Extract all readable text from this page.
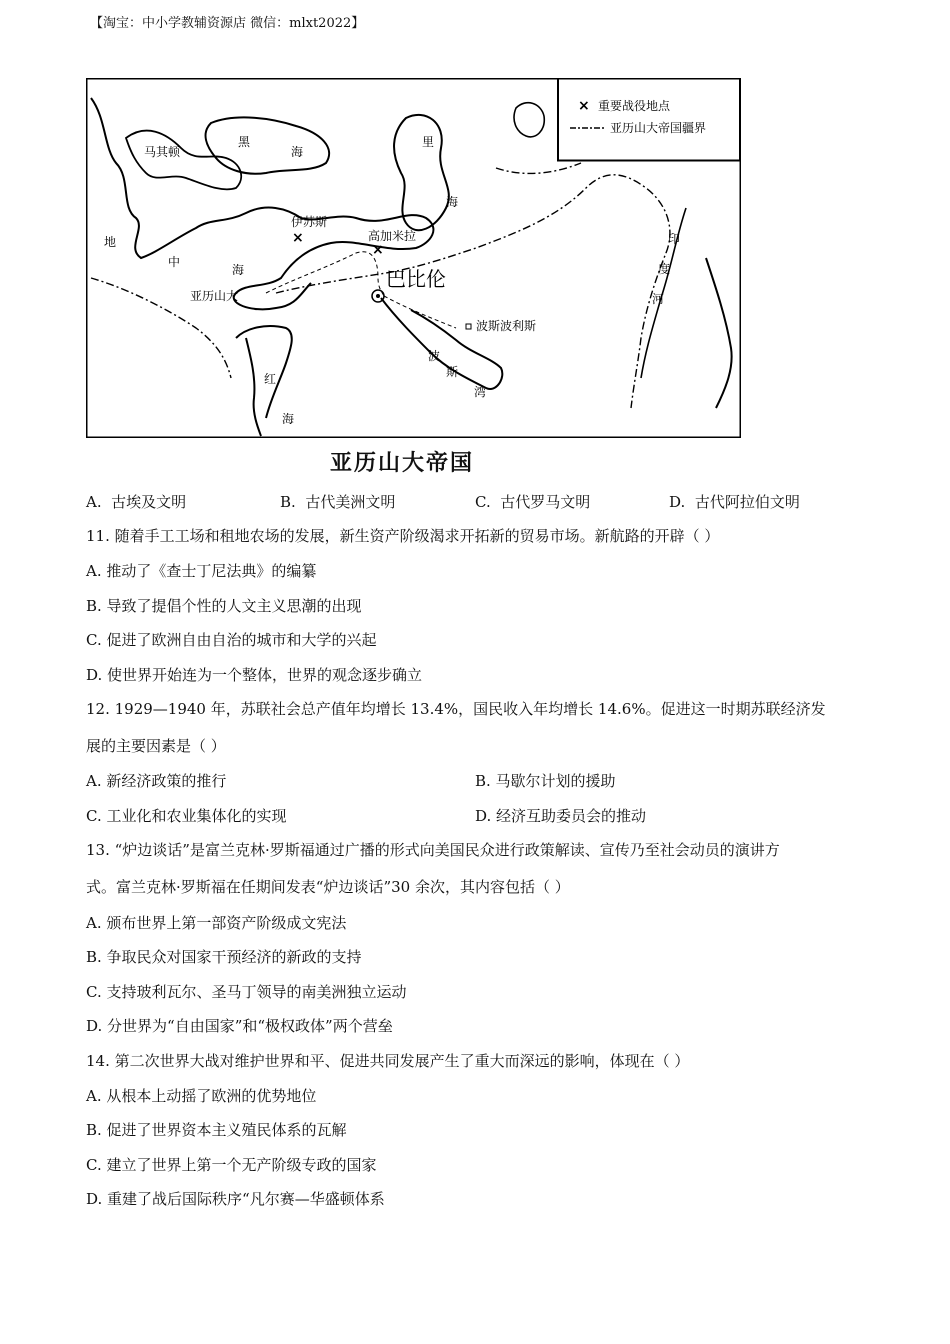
【淘宝：中小学教辅资源店 微信：mlxt2022】
× 重要战役地点
亚历山大帝国疆界
黑
海
马其顿
里
海
伊苏斯
高加米拉
地
中
海	巴比伦
亚历山大
波斯波利斯
波
斯
湾
红
海
印
度
河
×
×
亚历山大帝国
A. 古埃及文明	B. 古代美洲文明	C. 古代罗马文明	D. 古代阿拉伯文明
11. 随着手工工场和租地农场的发展，新生资产阶级渴求开拓新的贸易市场。新航路的开辟（ ）
A. 推动了《查士丁尼法典》的编纂
B. 导致了提倡个性的人文主义思潮的出现
C. 促进了欧洲自由自治的城市和大学的兴起
D. 使世界开始连为一个整体，世界的观念逐步确立
12. 1929—1940 年，苏联社会总产值年均增长 13.4%，国民收入年均增长 14.6%。促进这一时期苏联经济发
展的主要因素是（ ）
A. 新经济政策的推行	B. 马歇尔计划的援助
C. 工业化和农业集体化的实现	D. 经济互助委员会的推动
13. “炉边谈话”是富兰克林·罗斯福通过广播的形式向美国民众进行政策解读、宣传乃至社会动员的演讲方
式。富兰克林·罗斯福在任期间发表“炉边谈话”30 余次，其内容包括（ ）
A. 颁布世界上第一部资产阶级成文宪法
B. 争取民众对国家干预经济的新政的支持
C. 支持玻利瓦尔、圣马丁领导的南美洲独立运动
D. 分世界为“自由国家”和“极权政体”两个营垒
14. 第二次世界大战对维护世界和平、促进共同发展产生了重大而深远的影响，体现在（ ）
A. 从根本上动摇了欧洲的优势地位
B. 促进了世界资本主义殖民体系的瓦解
C. 建立了世界上第一个无产阶级专政的国家
D. 重建了战后国际秩序“凡尔赛—华盛顿体系
